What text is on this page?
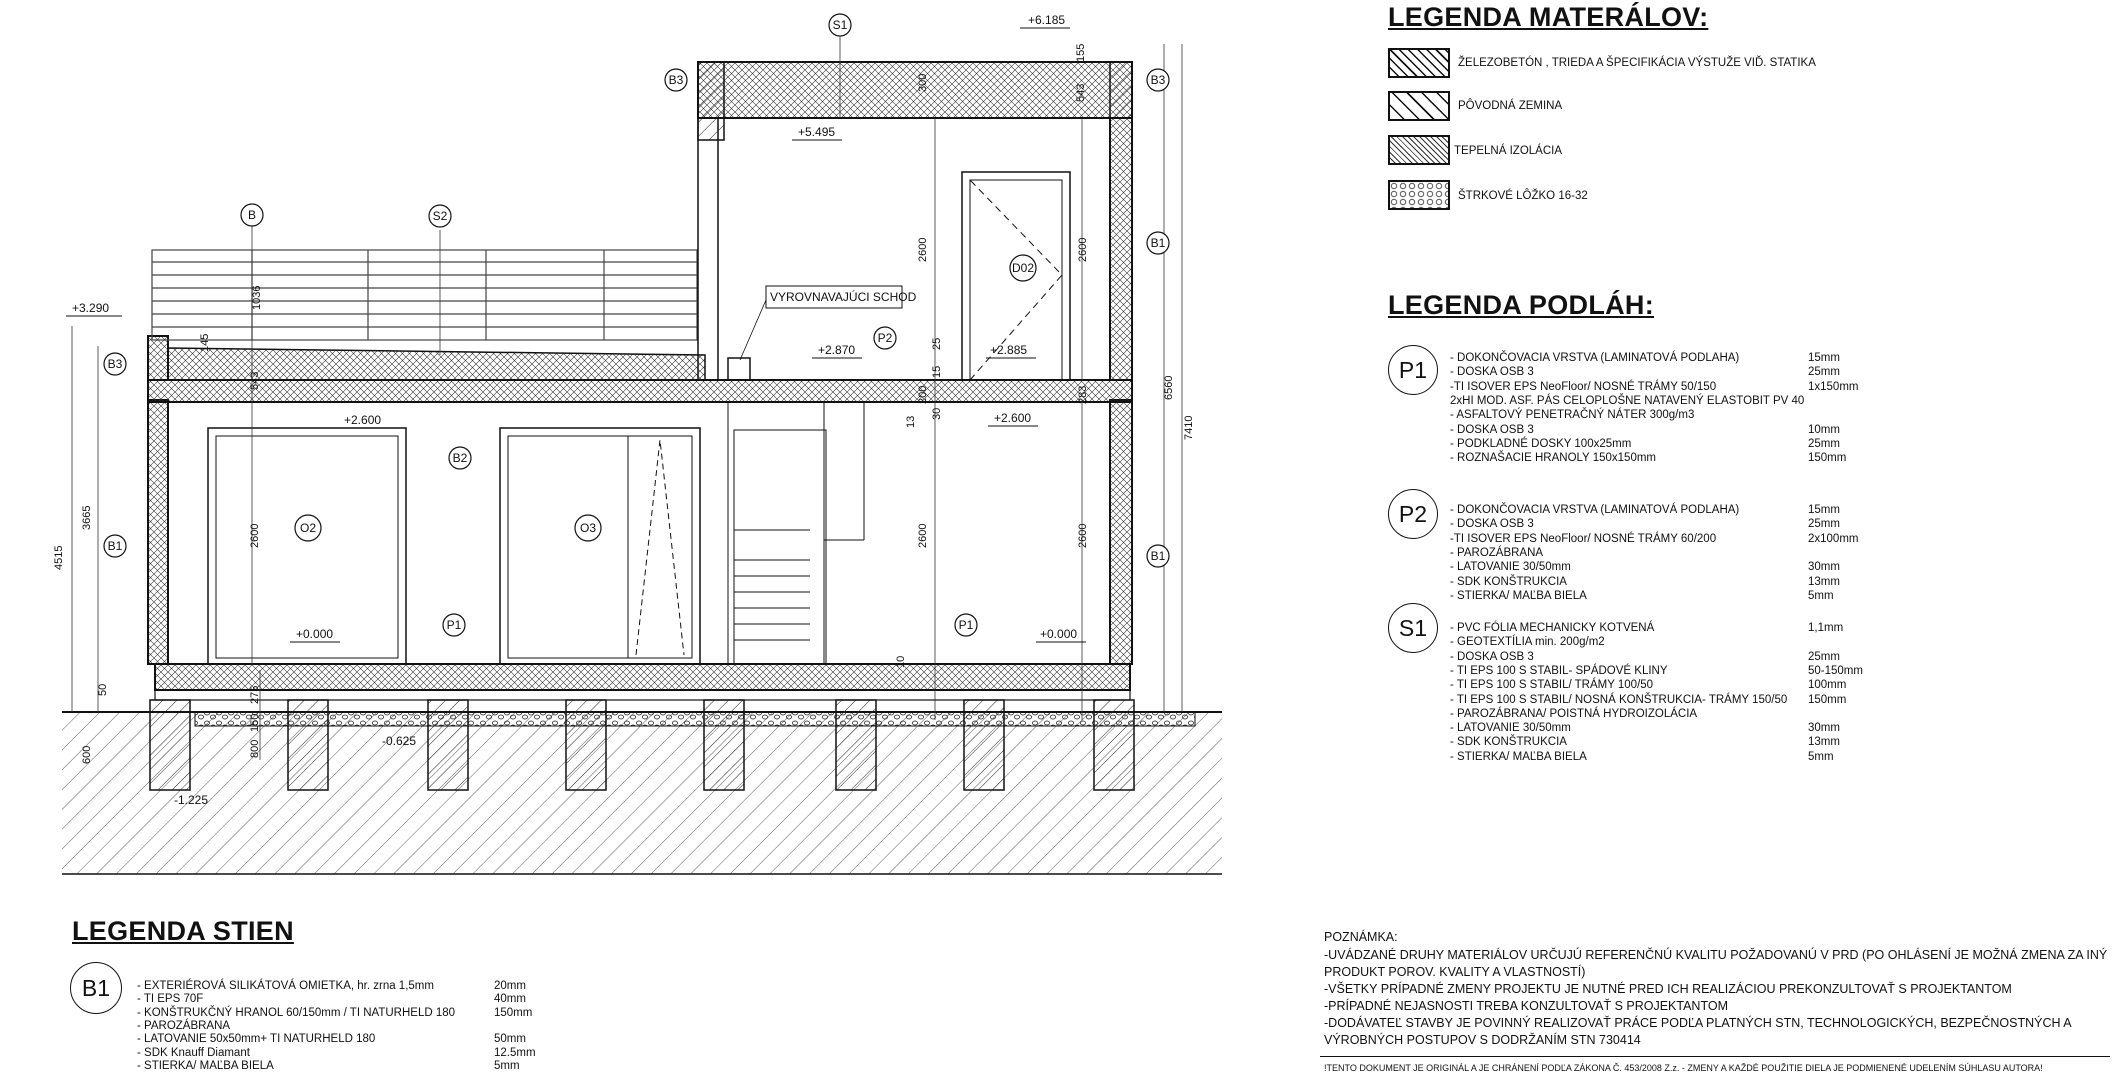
S1
B	S2
B3	B3
B3
B1
B1
B1
B2
P1	P1
P2
O2	O3
D02
+6.185
+5.495
+3.290
+2.870	+2.885
+2.600	+2.600
+0.000	+0.000
-0.625
-1.225
VYROVNAVAJÚCI SCHOD
7410
6560
4515
3665
1036
145
543
543
155
300
2600	2600
2600	2600	2600
200	283
13
10
15
25
30
275
150
50
600	800
LEGENDA MATERÁLOV:
ŽELEZOBETÓN , TRIEDA A ŠPECIFIKÁCIA VÝSTUŽE VIĎ. STATIKA
PÔVODNÁ ZEMINA
TEPELNÁ IZOLÁCIA
ŠTRKOVÉ LÔŽKO 16-32
LEGENDA PODLÁH:
P1	- DOKONČOVACIA VRSTVA (LAMINATOVÁ PODLAHA)	15mm
- DOSKA OSB 3	25mm
-TI ISOVER EPS NeoFloor/ NOSNÉ TRÁMY 50/150	1x150mm
2xHI MOD. ASF. PÁS CELOPLOŠNE NATAVENÝ ELASTOBIT PV 40
- ASFALTOVÝ PENETRAČNÝ NÁTER 300g/m3
- DOSKA OSB 3	10mm
- PODKLADNÉ DOSKY 100x25mm	25mm
- ROZNAŠACIE HRANOLY 150x150mm	150mm
P2	- DOKONČOVACIA VRSTVA (LAMINATOVÁ PODLAHA)	15mm
- DOSKA OSB 3	25mm
-TI ISOVER EPS NeoFloor/ NOSNÉ TRÁMY 60/200	2x100mm
- PAROZÁBRANA
- LATOVANIE 30/50mm	30mm
- SDK KONŠTRUKCIA	13mm
- STIERKA/ MAĽBA BIELA	5mm
S1	- PVC FÓLIA MECHANICKY KOTVENÁ	1,1mm
- GEOTEXTÍLIA min. 200g/m2
- DOSKA OSB 3	25mm
- TI EPS 100 S STABIL- SPÁDOVÉ KLINY	50-150mm
- TI EPS 100 S STABIL/ TRÁMY 100/50	100mm
- TI EPS 100 S STABIL/ NOSNÁ KONŠTRUKCIA- TRÁMY 150/50 150mm
- PAROZÁBRANA/ POISTNÁ HYDROIZOLÁCIA
- LATOVANIE 30/50mm	30mm
- SDK KONŠTRUKCIA	13mm
- STIERKA/ MAĽBA BIELA	5mm
LEGENDA STIEN
B1	- EXTERIÉROVÁ SILIKÁTOVÁ OMIETKA, hr. zrna 1,5mm	20mm
- TI EPS 70F	40mm
- KONŠTRUKČNÝ HRANOL 60/150mm / TI NATURHELD 180	150mm
- PAROZÁBRANA
- LATOVANIE 50x50mm+ TI NATURHELD 180	50mm
- SDK Knauff Diamant	12.5mm
- STIERKA/ MAĽBA BIELA	5mm
POZNÁMKA:
-UVÁDZANÉ DRUHY MATERIÁLOV URČUJÚ REFERENČNÚ KVALITU POŽADOVANÚ V PRD (PO OHLÁSENÍ JE MOŽNÁ ZMENA ZA INÝ
PRODUKT POROV. KVALITY A VLASTNOSTÍ)
-VŠETKY PRÍPADNÉ ZMENY PROJEKTU JE NUTNÉ PRED ICH REALIZÁCIOU PREKONZULTOVAŤ S PROJEKTANTOM
-PRÍPADNÉ NEJASNOSTI TREBA KONZULTOVAŤ S PROJEKTANTOM
-DODÁVATEĽ STAVBY JE POVINNÝ REALIZOVAŤ PRÁCE PODĽA PLATNÝCH STN, TECHNOLOGICKÝCH, BEZPEČNOSTNÝCH A
VÝROBNÝCH POSTUPOV S DODRŽANÍM STN 730414
!TENTO DOKUMENT JE ORIGINÁL A JE CHRÁNENÍ PODĽA ZÁKONA Č. 453/2008 Z.z. - ZMENY A KAŽDÉ POUŽITIE DIELA JE PODMIENENÉ UDELENÍM SÚHLASU AUTORA!
